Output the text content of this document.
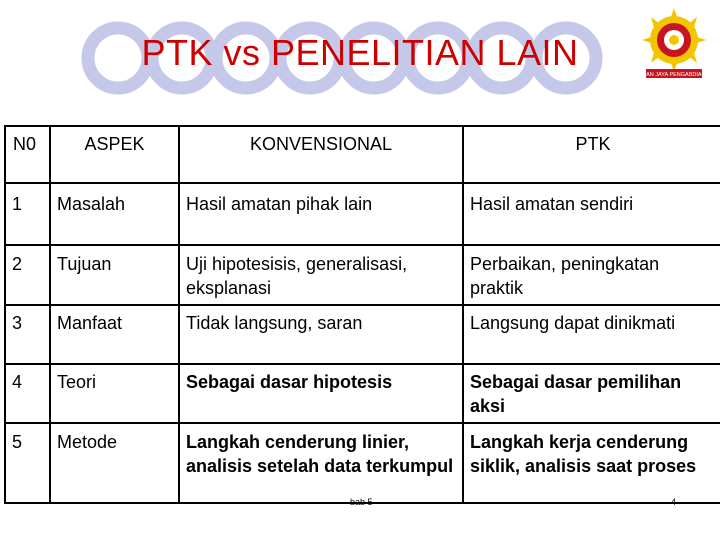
PTK vs PENELITIAN LAIN
SAN JAYA PENGABDIAN
N0	ASPEK	KONVENSIONAL	PTK
1	Masalah	Hasil amatan pihak lain	Hasil amatan sendiri
2	Tujuan	Uji hipotesisis, generalisasi, eksplanasi	Perbaikan, peningkatan praktik
3	Manfaat	Tidak langsung, saran	Langsung dapat dinikmati
4	Teori	Sebagai dasar hipotesis	Sebagai dasar pemilihan aksi
5	Metode	Langkah cenderung linier, analisis setelah data terkumpul	Langkah kerja cenderung siklik, analisis saat proses
bab 5	4
